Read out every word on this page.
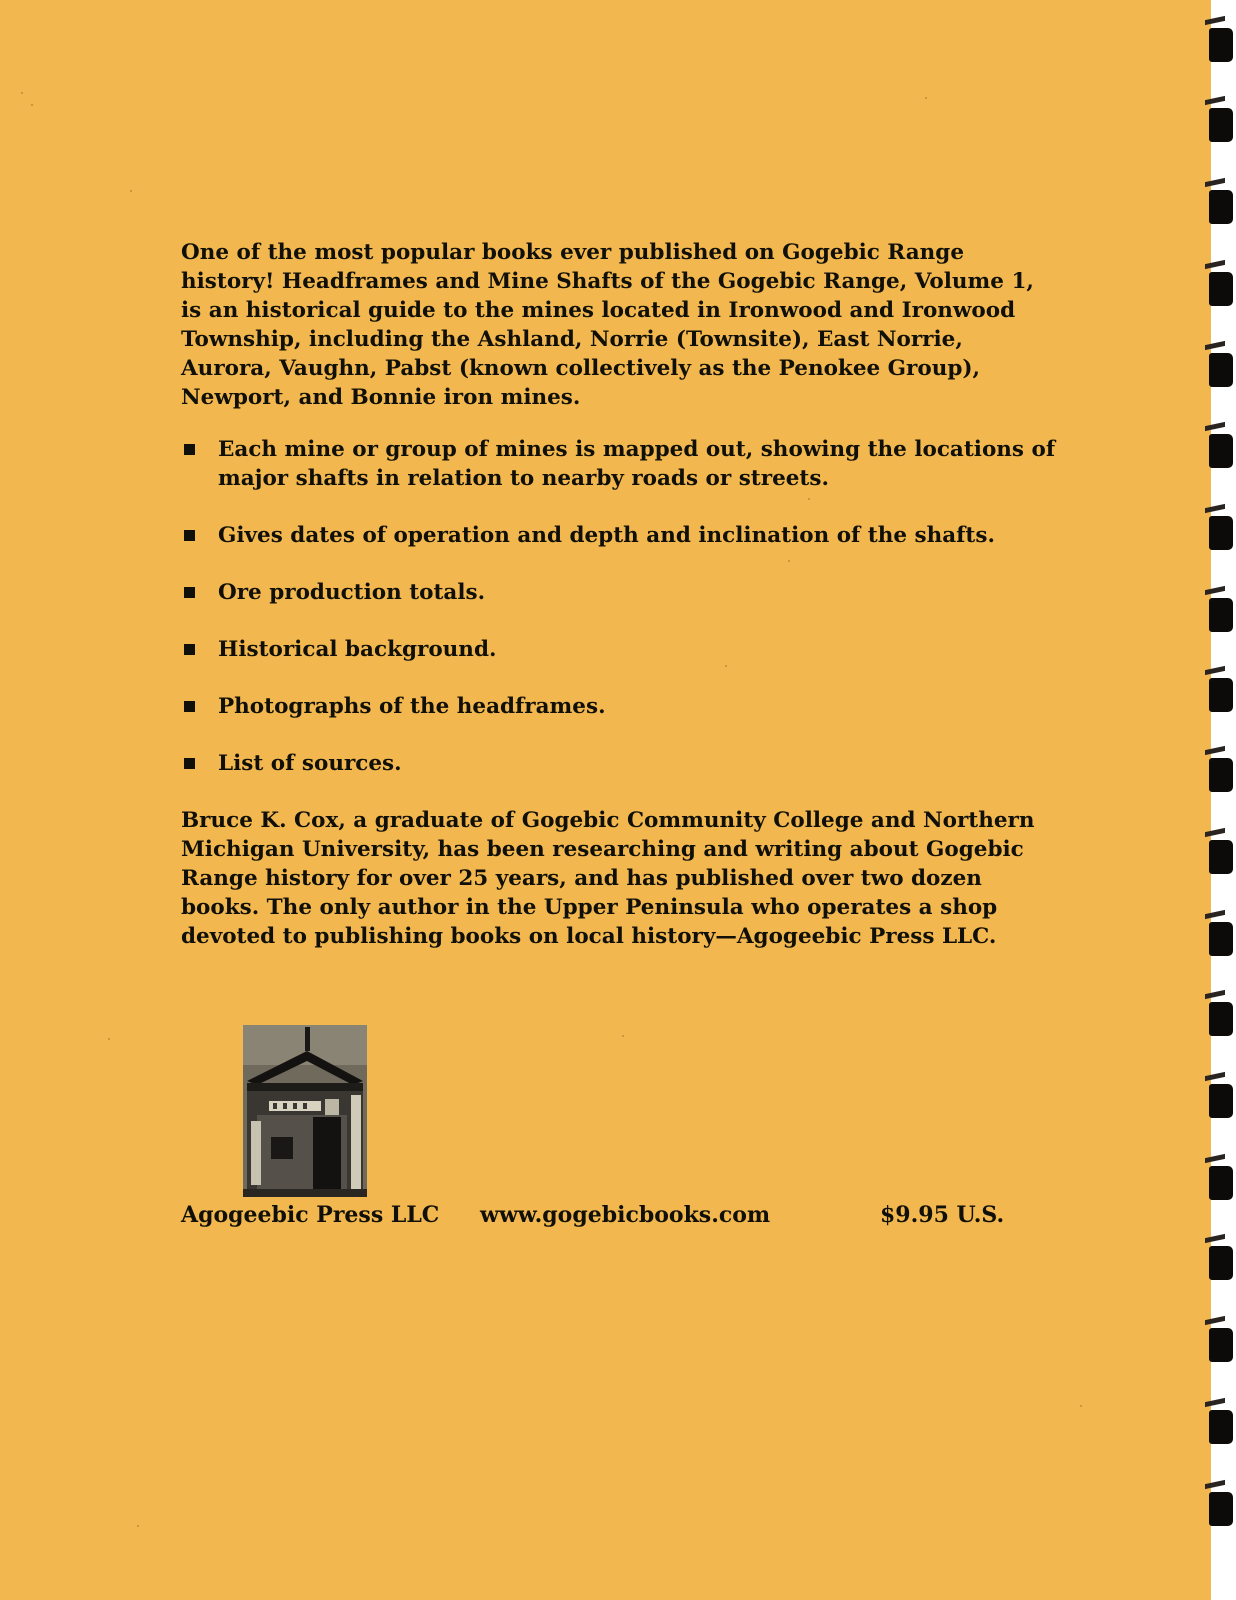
One of the most popular books ever published on Gogebic Range history! Headframes and Mine Shafts of the Gogebic Range, Volume 1, is an historical guide to the mines located in Ironwood and Ironwood Township, including the Ashland, Norrie (Townsite), East Norrie, Aurora, Vaughn, Pabst (known collectively as the Penokee Group), Newport, and Bonnie iron mines.

Each mine or group of mines is mapped out, showing the locations of major shafts in relation to nearby roads or streets.
Gives dates of operation and depth and inclination of the shafts.
Ore production totals.
Historical background.
Photographs of the headframes.
List of sources.

Bruce K. Cox, a graduate of Gogebic Community College and Northern Michigan University, has been researching and writing about Gogebic Range history for over 25 years, and has published over two dozen books. The only author in the Upper Peninsula who operates a shop devoted to publishing books on local history—Agogeebic Press LLC.

Agogeebic Press LLC www.gogebicbooks.com	$9.95 U.S.
